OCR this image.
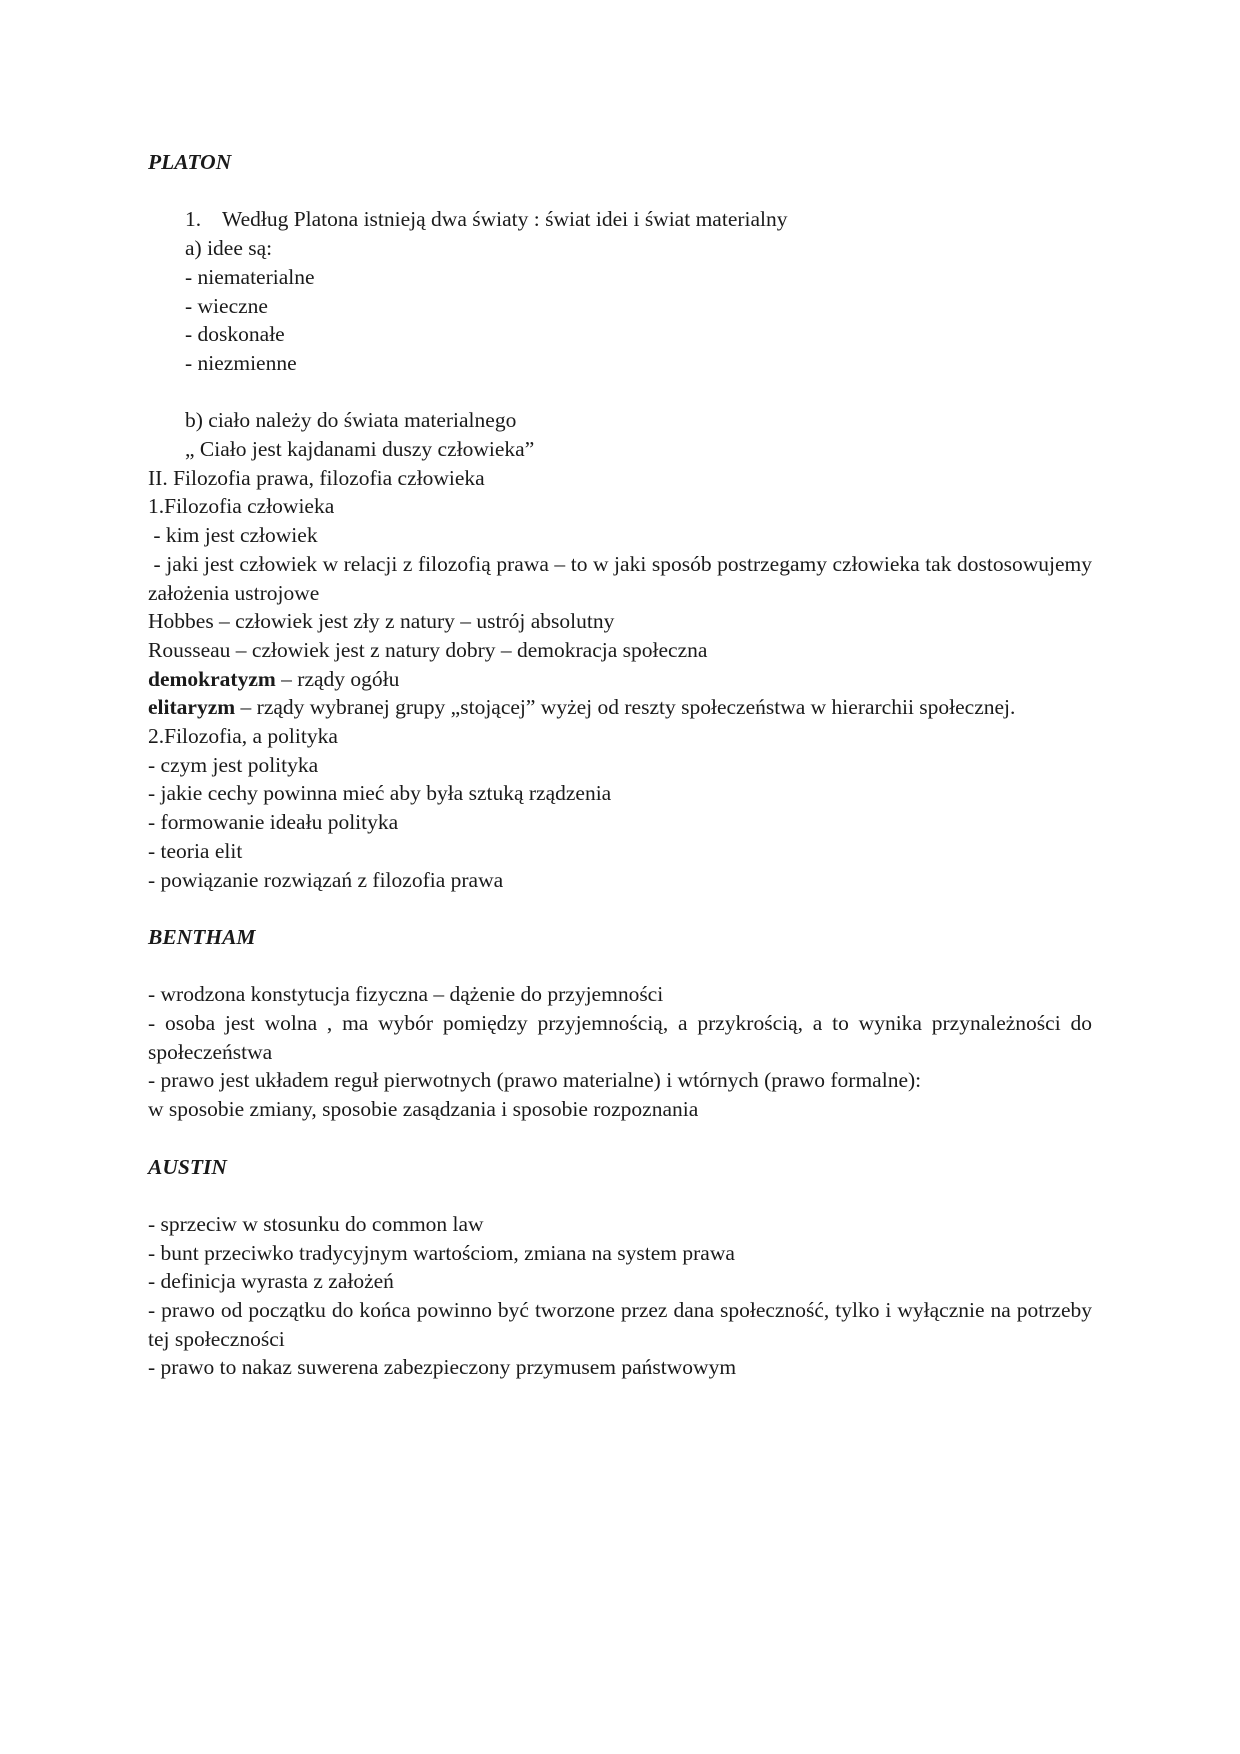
PLATON

1. Według Platona istnieją dwa światy : świat idei i świat materialny

a) idee są:

- niematerialne

- wieczne

- doskonałe

- niezmienne

b) ciało należy do świata materialnego

„ Ciało jest kajdanami duszy człowieka”

II. Filozofia prawa, filozofia człowieka

1.Filozofia człowieka

- kim jest człowiek

- jaki jest człowiek w relacji z filozofią prawa – to w jaki sposób postrzegamy człowieka tak dostosowujemy założenia ustrojowe

Hobbes – człowiek jest zły z natury – ustrój absolutny

Rousseau – człowiek jest z natury dobry – demokracja społeczna

demokratyzm – rządy ogółu

elitaryzm – rządy wybranej grupy „stojącej” wyżej od reszty społeczeństwa w hierarchii społecznej.

2.Filozofia, a polityka

- czym jest polityka

- jakie cechy powinna mieć aby była sztuką rządzenia

- formowanie ideału polityka

- teoria elit

- powiązanie rozwiązań z filozofia prawa

BENTHAM

- wrodzona konstytucja fizyczna – dążenie do przyjemności

- osoba jest wolna , ma wybór pomiędzy przyjemnością, a przykrością, a to wynika przynależności do społeczeństwa

- prawo jest układem reguł pierwotnych (prawo materialne) i wtórnych (prawo formalne):

w sposobie zmiany, sposobie zasądzania i sposobie rozpoznania

AUSTIN

- sprzeciw w stosunku do common law

- bunt przeciwko tradycyjnym wartościom, zmiana na system prawa

- definicja wyrasta z założeń

- prawo od początku do końca powinno być tworzone przez dana społeczność, tylko i wyłącznie na potrzeby tej społeczności

- prawo to nakaz suwerena zabezpieczony przymusem państwowym
